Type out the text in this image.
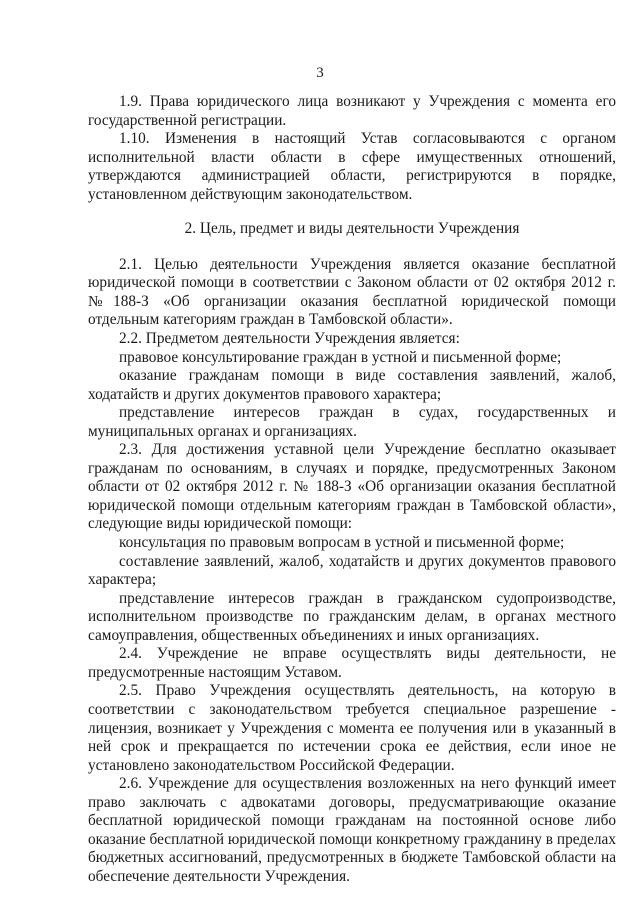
3

1.9. Права юридического лица возникают у Учреждения с момента его государственной регистрации.

1.10. Изменения в настоящий Устав согласовываются с органом исполнительной власти области в сфере имущественных отношений, утверждаются администрацией области, регистрируются в порядке, установленном действующим законодательством.

2. Цель, предмет и виды деятельности Учреждения

2.1. Целью деятельности Учреждения является оказание бесплатной юридической помощи в соответствии с Законом области от 02 октября 2012 г. №188-З «Об организации оказания бесплатной юридической помощи отдельным категориям граждан в Тамбовской области».

2.2. Предметом деятельности Учреждения является:

правовое консультирование граждан в устной и письменной форме;

оказание гражданам помощи в виде составления заявлений, жалоб, ходатайств и других документов правового характера;

представление интересов граждан в судах, государственных и муниципальных органах и организациях.

2.3. Для достижения уставной цели Учреждение бесплатно оказывает гражданам по основаниям, в случаях и порядке, предусмотренных Законом области от 02 октября 2012 г. № 188-З «Об организации оказания бесплатной юридической помощи отдельным категориям граждан в Тамбовской области», следующие виды юридической помощи:

консультация по правовым вопросам в устной и письменной форме;

составление заявлений, жалоб, ходатайств и других документов правового характера;

представление интересов граждан в гражданском судопроизводстве, исполнительном производстве по гражданским делам, в органах местного самоуправления, общественных объединениях и иных организациях.

2.4. Учреждение не вправе осуществлять виды деятельности, не предусмотренные настоящим Уставом.

2.5. Право Учреждения осуществлять деятельность, на которую в соответствии с законодательством требуется специальное разрешение - лицензия, возникает у Учреждения с момента ее получения или в указанный в ней срок и прекращается по истечении срока ее действия, если иное не установлено законодательством Российской Федерации.

2.6. Учреждение для осуществления возложенных на него функций имеет право заключать с адвокатами договоры, предусматривающие оказание бесплатной юридической помощи гражданам на постоянной основе либо оказание бесплатной юридической помощи конкретному гражданину в пределах бюджетных ассигнований, предусмотренных в бюджете Тамбовской области на обеспечение деятельности Учреждения.
